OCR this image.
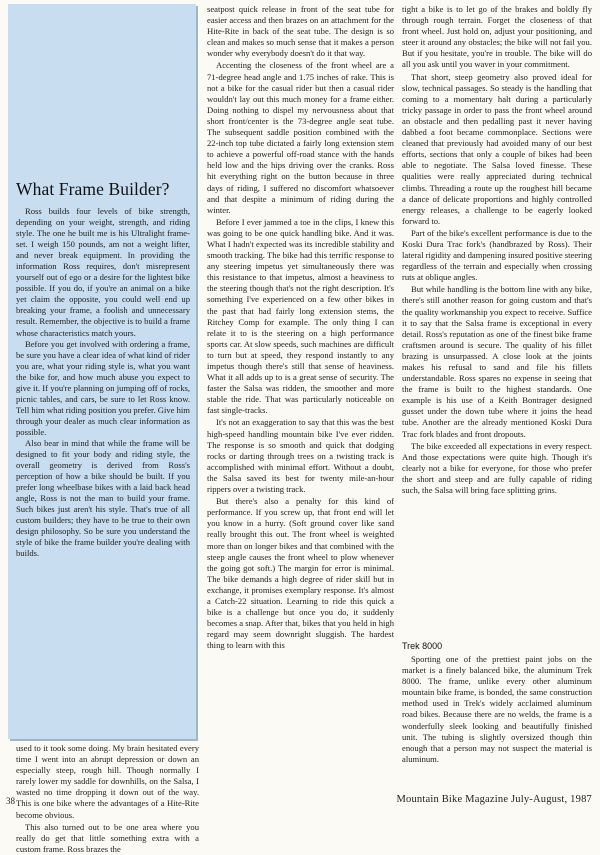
What Frame Builder?

Ross builds four levels of bike strength, depending on your weight, strength, and riding style. The one he built me is his Ultralight frame-set. I weigh 150 pounds, am not a weight lifter, and never break equipment. In providing the information Ross requires, don't misrepresent yourself out of ego or a desire for the lightest bike possible. If you do, if you're an animal on a bike yet claim the opposite, you could well end up breaking your frame, a foolish and unnecessary result. Remember, the objective is to build a frame whose characteristics match yours.

Before you get involved with ordering a frame, be sure you have a clear idea of what kind of rider you are, what your riding style is, what you want the bike for, and how much abuse you expect to give it. If you're planning on jumping off of rocks, picnic tables, and cars, be sure to let Ross know. Tell him what riding position you prefer. Give him through your dealer as much clear information as possible.

Also bear in mind that while the frame will be designed to fit your body and riding style, the overall geometry is derived from Ross's perception of how a bike should be built. If you prefer long wheelbase bikes with a laid back head angle, Ross is not the man to build your frame. Such bikes just aren't his style. That's true of all custom builders; they have to be true to their own design philosophy. So be sure you understand the style of bike the frame builder you're dealing with builds.

used to it took some doing. My brain hesitated every time I went into an abrupt depression or down an especially steep, rough hill. Though normally I rarely lower my saddle for downhills, on the Salsa, I wasted no time dropping it down out of the way. This is one bike where the advantages of a Hite-Rite become obvious.

This also turned out to be one area where you really do get that little something extra with a custom frame. Ross brazes the

seatpost quick release in front of the seat tube for easier access and then brazes on an attachment for the Hite-Rite in back of the seat tube. The design is so clean and makes so much sense that it makes a person wonder why everybody doesn't do it that way.

Accenting the closeness of the front wheel are a 71-degree head angle and 1.75 inches of rake. This is not a bike for the casual rider but then a casual rider wouldn't lay out this much money for a frame either. Doing nothing to dispel my nervousness about that short front/center is the 73-degree angle seat tube. The subsequent saddle position combined with the 22-inch top tube dictated a fairly long extension stem to achieve a powerful off-road stance with the hands held low and the hips driving over the cranks. Ross hit everything right on the button because in three days of riding, I suffered no discomfort whatsoever and that despite a minimum of riding during the winter.

Before I ever jammed a toe in the clips, I knew this was going to be one quick handling bike. And it was. What I hadn't expected was its incredible stability and smooth tracking. The bike had this terrific response to any steering impetus yet simultaneously there was this resistance to that impetus, almost a heaviness to the steering though that's not the right description. It's something I've experienced on a few other bikes in the past that had fairly long extension stems, the Ritchey Comp for example. The only thing I can relate it to is the steering on a high performance sports car. At slow speeds, such machines are difficult to turn but at speed, they respond instantly to any impetus though there's still that sense of heaviness. What it all adds up to is a great sense of security. The faster the Salsa was ridden, the smoother and more stable the ride. That was particularly noticeable on fast single-tracks.

It's not an exaggeration to say that this was the best high-speed handling mountain bike I've ever ridden. The response is so smooth and quick that dodging rocks or darting through trees on a twisting track is accomplished with minimal effort. Without a doubt, the Salsa saved its best for twenty mile-an-hour rippers over a twisting track.

But there's also a penalty for this kind of performance. If you screw up, that front end will let you know in a hurry. (Soft ground cover like sand really brought this out. The front wheel is weighted more than on longer bikes and that combined with the steep angle causes the front wheel to plow whenever the going got soft.) The margin for error is minimal. The bike demands a high degree of rider skill but in exchange, it promises exemplary response. It's almost a Catch-22 situation. Learning to ride this quick a bike is a challenge but once you do, it suddenly becomes a snap. After that, bikes that you held in high regard may seem downright sluggish. The hardest thing to learn with this

tight a bike is to let go of the brakes and boldly fly through rough terrain. Forget the closeness of that front wheel. Just hold on, adjust your positioning, and steer it around any obstacles; the bike will not fail you. But if you hesitate, you're in trouble. The bike will do all you ask until you waver in your commitment.

That short, steep geometry also proved ideal for slow, technical passages. So steady is the handling that coming to a momentary halt during a particularly tricky passage in order to pass the front wheel around an obstacle and then pedalling past it never having dabbed a foot became commonplace. Sections were cleaned that previously had avoided many of our best efforts, sections that only a couple of bikes had been able to negotiate. The Salsa loved finesse. These qualities were really appreciated during technical climbs. Threading a route up the roughest hill became a dance of delicate proportions and highly controlled energy releases, a challenge to be eagerly looked forward to.

Part of the bike's excellent performance is due to the Koski Dura Trac fork's (handbrazed by Ross). Their lateral rigidity and dampening insured positive steering regardless of the terrain and especially when crossing ruts at oblique angles.

But while handling is the bottom line with any bike, there's still another reason for going custom and that's the quality workmanship you expect to receive. Suffice it to say that the Salsa frame is exceptional in every detail. Ross's reputation as one of the finest bike frame craftsmen around is secure. The quality of his fillet brazing is unsurpassed. A close look at the joints makes his refusal to sand and file his fillets understandable. Ross spares no expense in seeing that the frame is built to the highest standards. One example is his use of a Keith Bontrager designed gusset under the down tube where it joins the head tube. Another are the already mentioned Koski Dura Trac fork blades and front dropouts.

The bike exceeded all expectations in every respect. And those expectations were quite high. Though it's clearly not a bike for everyone, for those who prefer the short and steep and are fully capable of riding such, the Salsa will bring face splitting grins.

Trek 8000

Sporting one of the prettiest paint jobs on the market is a finely balanced bike, the aluminum Trek 8000. The frame, unlike every other aluminum mountain bike frame, is bonded, the same construction method used in Trek's widely acclaimed aluminum road bikes. Because there are no welds, the frame is a wonderfully sleek looking and beautifully finished unit. The tubing is slightly oversized though thin enough that a person may not suspect the material is aluminum.

38	Mountain Bike Magazine July-August, 1987
